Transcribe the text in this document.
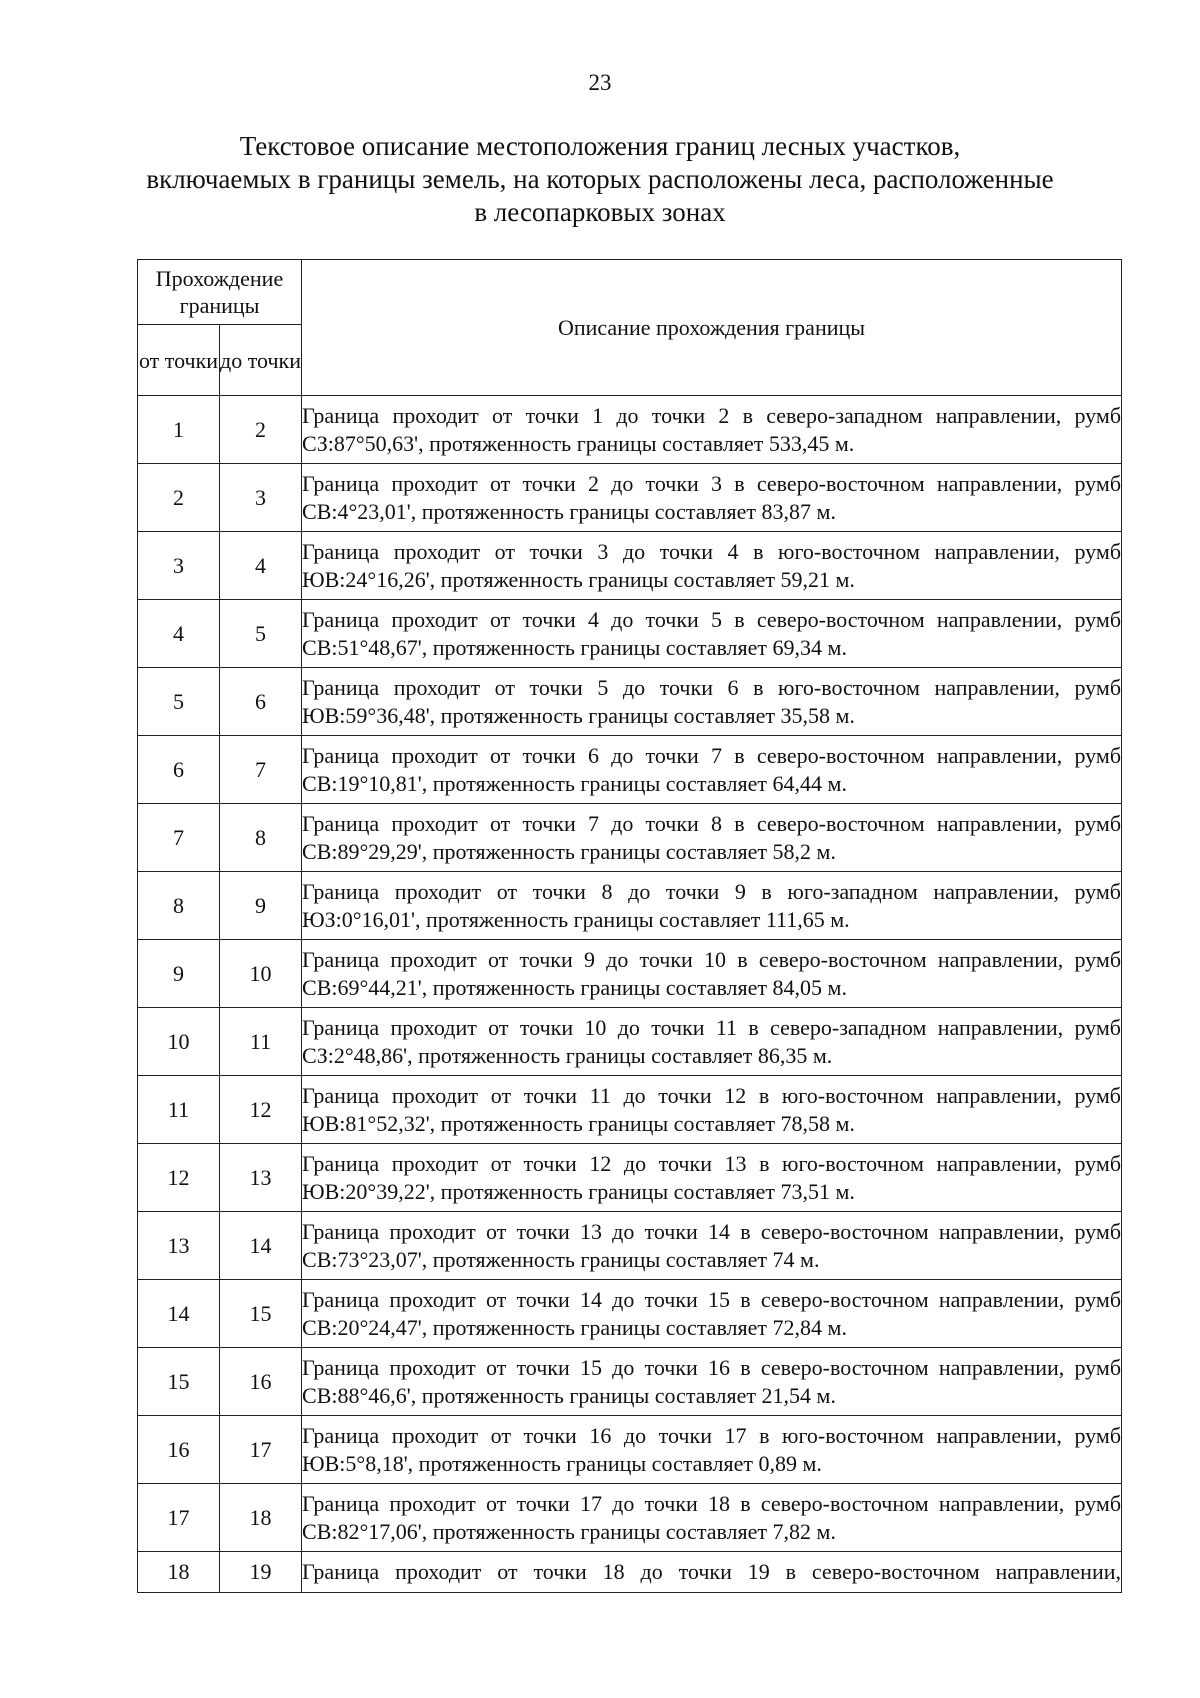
23
Текстовое описание местоположения границ лесных участков,
включаемых в границы земель, на которых расположены леса, расположенные
в лесопарковых зонах
Прохождение границы		Описание прохождения границы
от точки	до точки	
1	2	Граница проходит от точки 1 до точки 2 в северо-западном направлении, румб СЗ:87°50,63', протяженность границы составляет 533,45 м.
2	3	Граница проходит от точки 2 до точки 3 в северо-восточном направлении, румб СВ:4°23,01', протяженность границы составляет 83,87 м.
3	4	Граница проходит от точки 3 до точки 4 в юго-восточном направлении, румб ЮВ:24°16,26', протяженность границы составляет 59,21 м.
4	5	Граница проходит от точки 4 до точки 5 в северо-восточном направлении, румб СВ:51°48,67', протяженность границы составляет 69,34 м.
5	6	Граница проходит от точки 5 до точки 6 в юго-восточном направлении, румб ЮВ:59°36,48', протяженность границы составляет 35,58 м.
6	7	Граница проходит от точки 6 до точки 7 в северо-восточном направлении, румб СВ:19°10,81', протяженность границы составляет 64,44 м.
7	8	Граница проходит от точки 7 до точки 8 в северо-восточном направлении, румб СВ:89°29,29', протяженность границы составляет 58,2 м.
8	9	Граница проходит от точки 8 до точки 9 в юго-западном направлении, румб ЮЗ:0°16,01', протяженность границы составляет 111,65 м.
9	10	Граница проходит от точки 9 до точки 10 в северо-восточном направлении, румб СВ:69°44,21', протяженность границы составляет 84,05 м.
10	11	Граница проходит от точки 10 до точки 11 в северо-западном направлении, румб СЗ:2°48,86', протяженность границы составляет 86,35 м.
11	12	Граница проходит от точки 11 до точки 12 в юго-восточном направлении, румб ЮВ:81°52,32', протяженность границы составляет 78,58 м.
12	13	Граница проходит от точки 12 до точки 13 в юго-восточном направлении, румб ЮВ:20°39,22', протяженность границы составляет 73,51 м.
13	14	Граница проходит от точки 13 до точки 14 в северо-восточном направлении, румб СВ:73°23,07', протяженность границы составляет 74 м.
14	15	Граница проходит от точки 14 до точки 15 в северо-восточном направлении, румб СВ:20°24,47', протяженность границы составляет 72,84 м.
15	16	Граница проходит от точки 15 до точки 16 в северо-восточном направлении, румб СВ:88°46,6', протяженность границы составляет 21,54 м.
16	17	Граница проходит от точки 16 до точки 17 в юго-восточном направлении, румб ЮВ:5°8,18', протяженность границы составляет 0,89 м.
17	18	Граница проходит от точки 17 до точки 18 в северо-восточном направлении, румб СВ:82°17,06', протяженность границы составляет 7,82 м.
18	19	Граница проходит от точки 18 до точки 19 в северо-восточном направлении,
